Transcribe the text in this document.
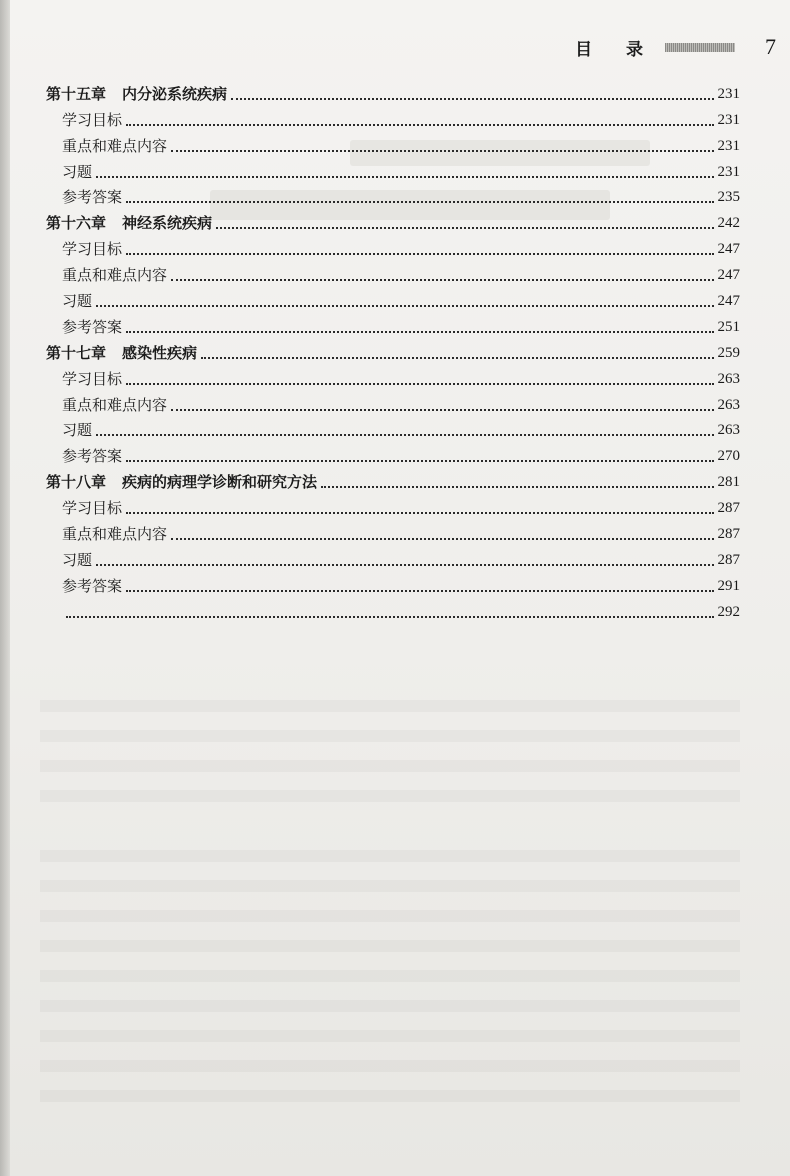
目 录	7
第十五章 内分泌系统疾病	231
学习目标	231
重点和难点内容	231
习题	231
参考答案	235
第十六章 神经系统疾病	242
学习目标	247
重点和难点内容	247
习题	247
参考答案	251
第十七章 感染性疾病	259
学习目标	263
重点和难点内容	263
习题	263
参考答案	270
第十八章 疾病的病理学诊断和研究方法	281
学习目标	287
重点和难点内容	287
习题	287
参考答案	291
292
